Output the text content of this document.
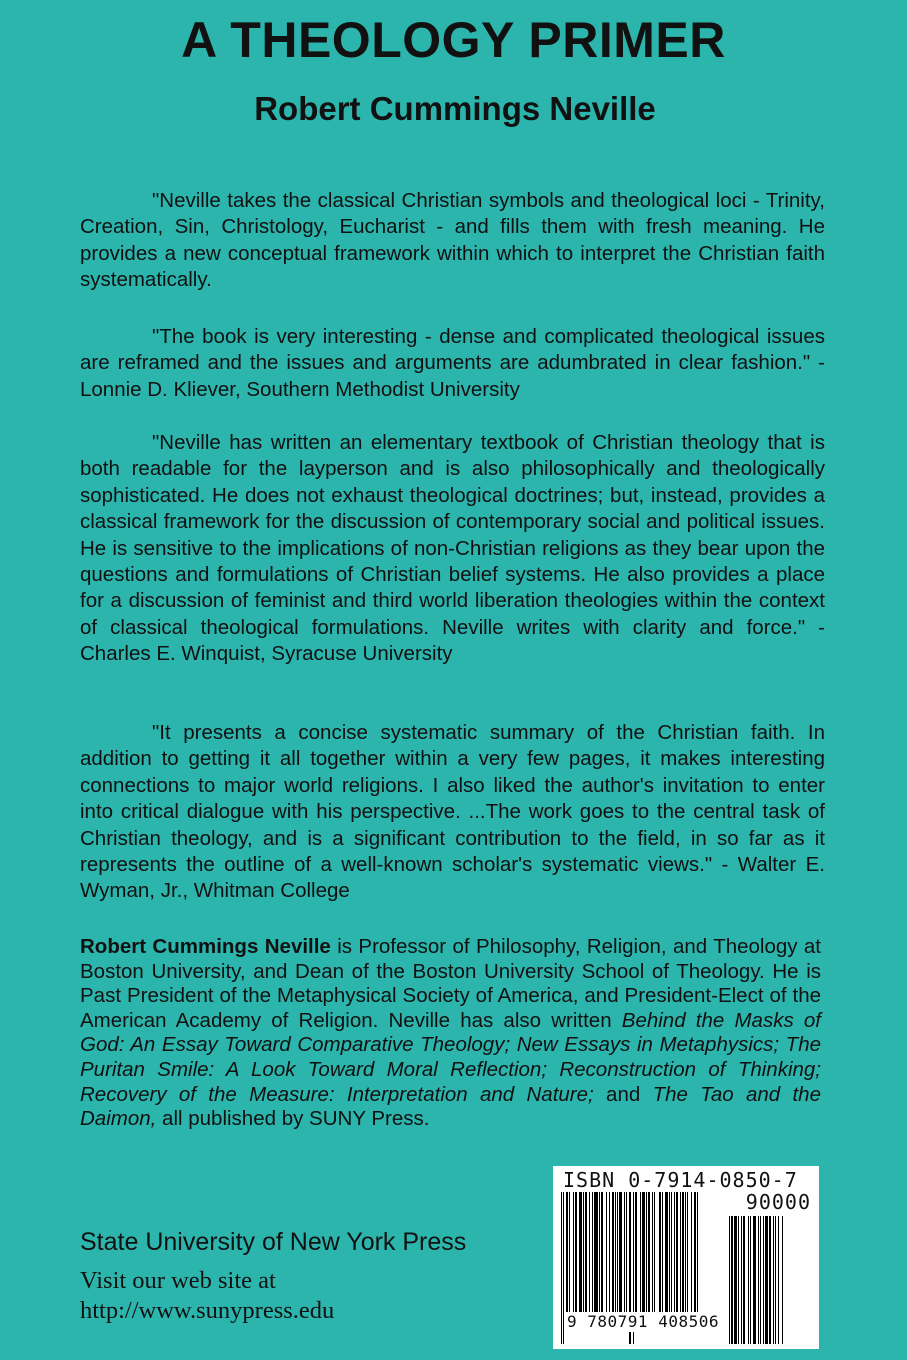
A THEOLOGY PRIMER
Robert Cummings Neville

"Neville takes the classical Christian symbols and theological loci - Trinity, Creation, Sin, Christology, Eucharist - and fills them with fresh meaning. He provides a new conceptual framework within which to interpret the Christian faith systematically.

"The book is very interesting - dense and complicated theological issues are reframed and the issues and arguments are adumbrated in clear fashion." - Lonnie D. Kliever, Southern Methodist University

"Neville has written an elementary textbook of Christian theology that is both readable for the layperson and is also philosophically and theologically sophisticated. He does not exhaust theological doctrines; but, instead, provides a classical framework for the discussion of contemporary social and political issues. He is sensitive to the implications of non-Christian religions as they bear upon the questions and formulations of Christian belief systems. He also provides a place for a discussion of feminist and third world liberation theologies within the context of classical theological formulations. Neville writes with clarity and force." - Charles E. Winquist, Syracuse University

"It presents a concise systematic summary of the Christian faith. In addition to getting it all together within a very few pages, it makes interesting connections to major world religions. I also liked the author's invitation to enter into critical dialogue with his perspective. ...The work goes to the central task of Christian theology, and is a significant contribution to the field, in so far as it represents the outline of a well-known scholar's systematic views." - Walter E. Wyman, Jr., Whitman College

Robert Cummings Neville is Professor of Philosophy, Religion, and Theology at Boston University, and Dean of the Boston University School of Theology. He is Past President of the Metaphysical Society of America, and President-Elect of the American Academy of Religion. Neville has also written Behind the Masks of God: An Essay Toward Comparative Theology; New Essays in Metaphysics; The Puritan Smile: A Look Toward Moral Reflection; Reconstruction of Thinking; Recovery of the Measure: Interpretation and Nature; and The Tao and the Daimon, all published by SUNY Press.

State University of New York Press
Visit our web site at
http://www.sunypress.edu
ISBN 0-7914-0850-7
90000
9 780791 408506
